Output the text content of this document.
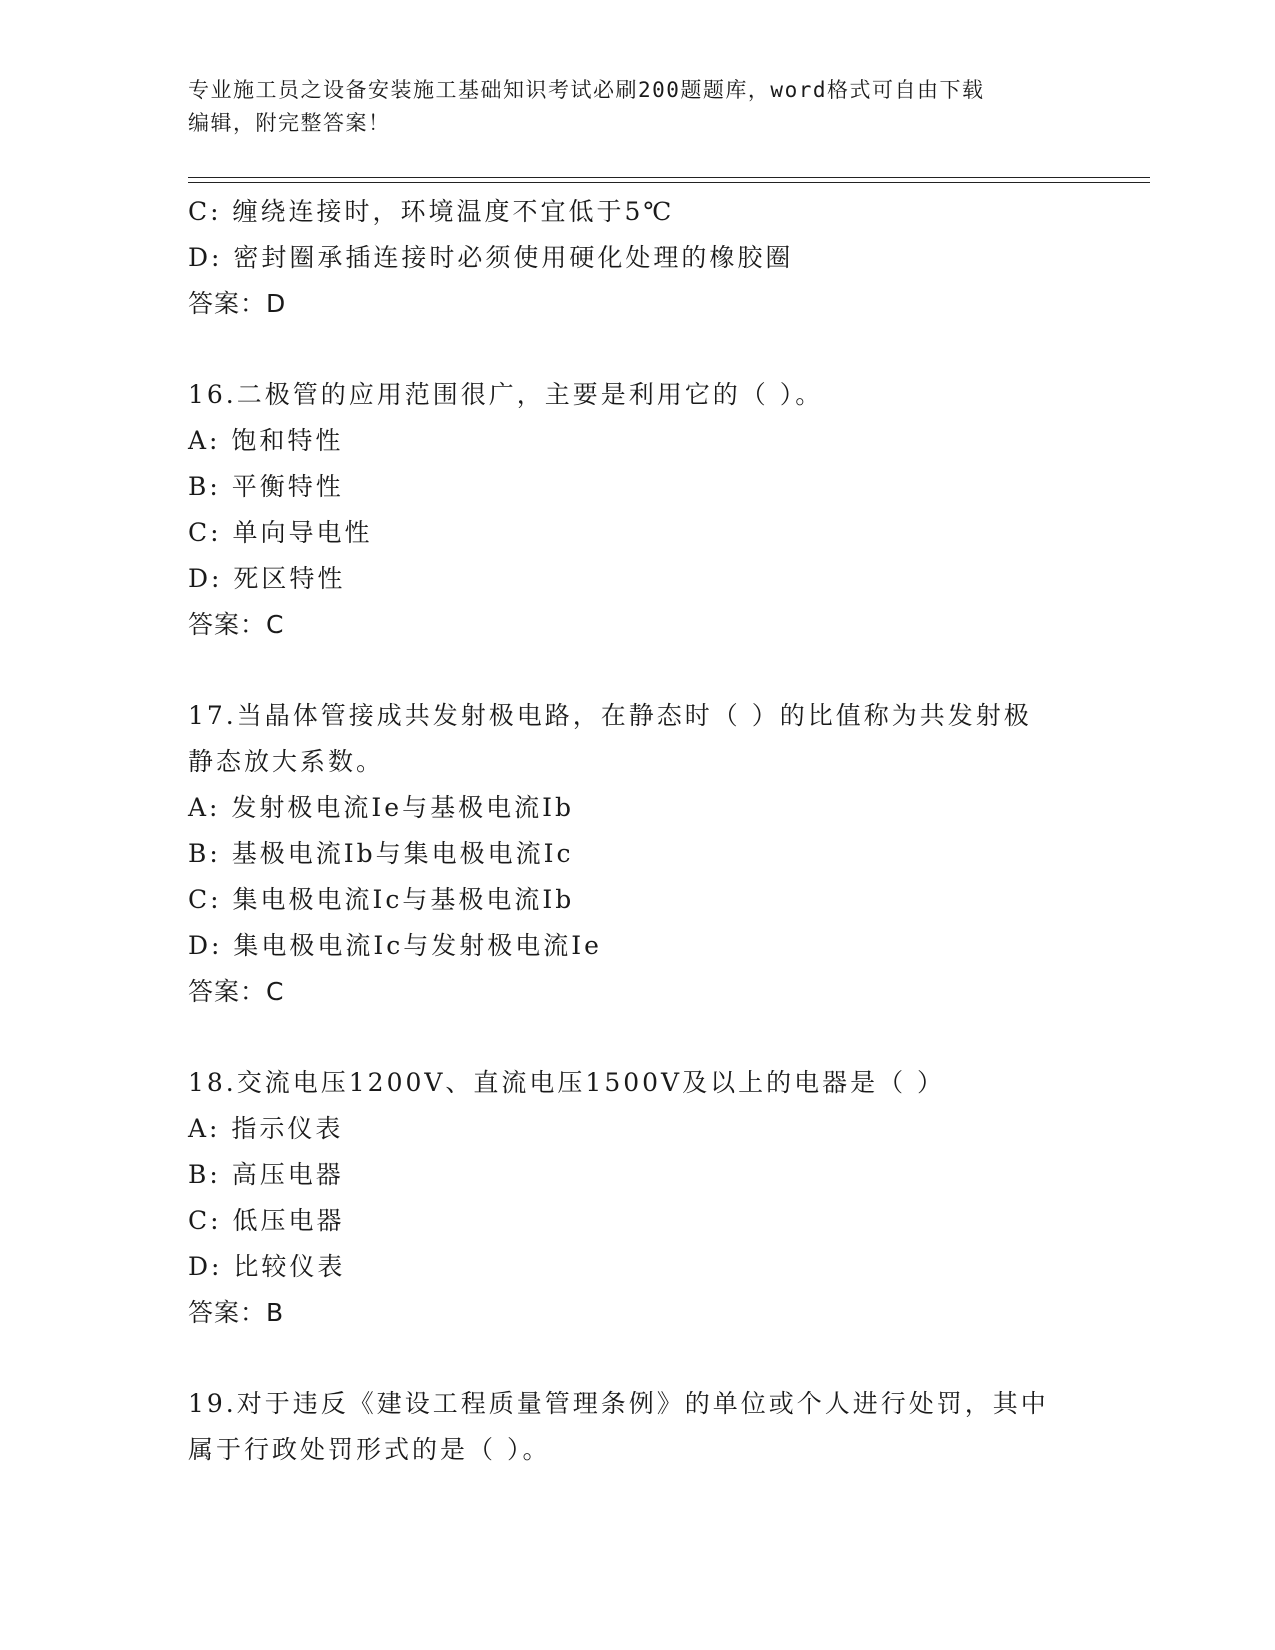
专业施工员之设备安装施工基础知识考试必刷200题题库，word格式可自由下载
编辑，附完整答案！
C: 缠绕连接时，环境温度不宜低于5℃
D: 密封圈承插连接时必须使用硬化处理的橡胶圈
答案：D
16.二极管的应用范围很广，主要是利用它的（ ）。
A: 饱和特性
B: 平衡特性
C: 单向导电性
D: 死区特性
答案：C
17.当晶体管接成共发射极电路，在静态时（ ）的比值称为共发射极
静态放大系数。
A: 发射极电流Ie与基极电流Ib
B: 基极电流Ib与集电极电流Ic
C: 集电极电流Ic与基极电流Ib
D: 集电极电流Ic与发射极电流Ie
答案：C
18.交流电压1200V、直流电压1500V及以上的电器是（ ）
A: 指示仪表
B: 高压电器
C: 低压电器
D: 比较仪表
答案：B
19.对于违反《建设工程质量管理条例》的单位或个人进行处罚，其中
属于行政处罚形式的是（ ）。
